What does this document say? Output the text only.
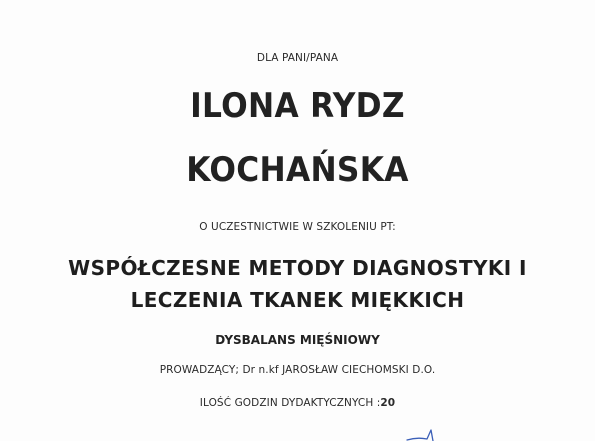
DLA PANI/PANA
ILONA RYDZ
KOCHAŃSKA
O UCZESTNICTWIE W SZKOLENIU PT:
WSPÓŁCZESNE METODY DIAGNOSTYKI I
LECZENIA TKANEK MIĘKKICH
DYSBALANS MIĘŚNIOWY
PROWADZĄCY; Dr n.kf JAROSŁAW CIECHOMSKI D.O.
ILOŚĆ GODZIN DYDAKTYCZNYCH :20
